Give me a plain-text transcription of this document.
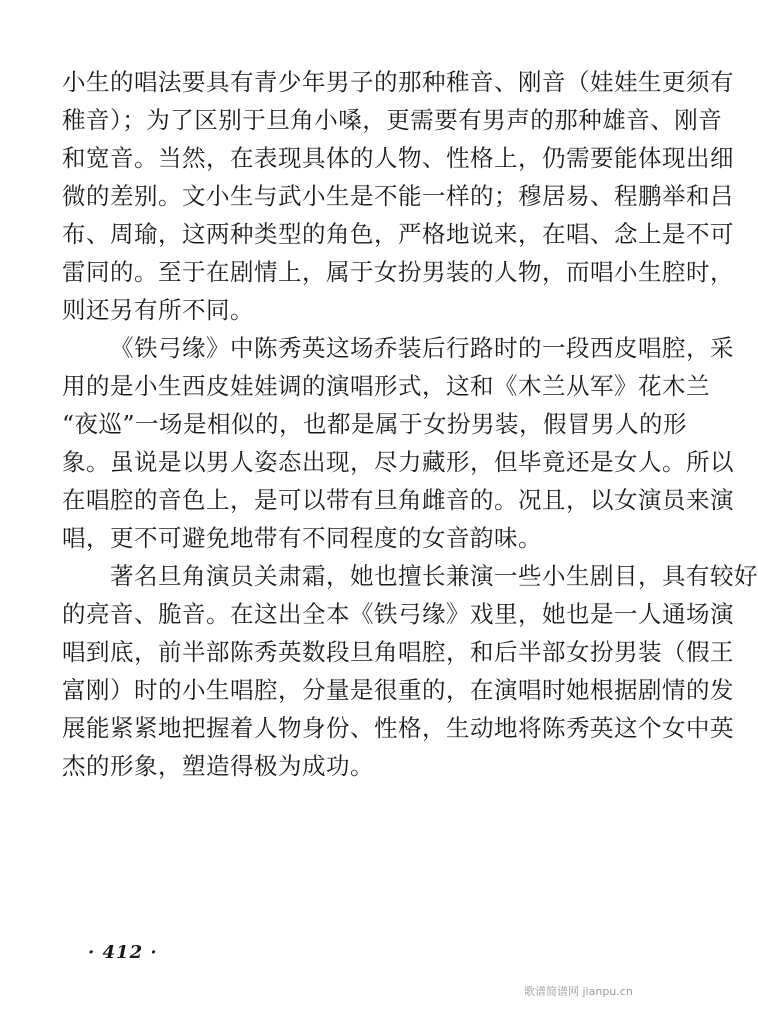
小生的唱法要具有青少年男子的那种稚音、刚音（娃娃生更须有
稚音）；为了区别于旦角小嗓，更需要有男声的那种雄音、刚音
和宽音。当然，在表现具体的人物、性格上，仍需要能体现出细
微的差别。文小生与武小生是不能一样的；穆居易、程鹏举和吕
布、周瑜，这两种类型的角色，严格地说来，在唱、念上是不可
雷同的。至于在剧情上，属于女扮男装的人物，而唱小生腔时，
则还另有所不同。
《铁弓缘》中陈秀英这场乔装后行路时的一段西皮唱腔，采
用的是小生西皮娃娃调的演唱形式，这和《木兰从军》花木兰
“夜巡”一场是相似的，也都是属于女扮男装，假冒男人的形
象。虽说是以男人姿态出现，尽力藏形，但毕竟还是女人。所以
在唱腔的音色上，是可以带有旦角雌音的。况且，以女演员来演
唱，更不可避免地带有不同程度的女音韵味。
著名旦角演员关肃霜，她也擅长兼演一些小生剧目，具有较好
的亮音、脆音。在这出全本《铁弓缘》戏里，她也是一人通场演
唱到底，前半部陈秀英数段旦角唱腔，和后半部女扮男装（假王
富刚）时的小生唱腔，分量是很重的，在演唱时她根据剧情的发
展能紧紧地把握着人物身份、性格，生动地将陈秀英这个女中英
杰的形象，塑造得极为成功。
· 412 ·
歌谱简谱网 jianpu.cn
